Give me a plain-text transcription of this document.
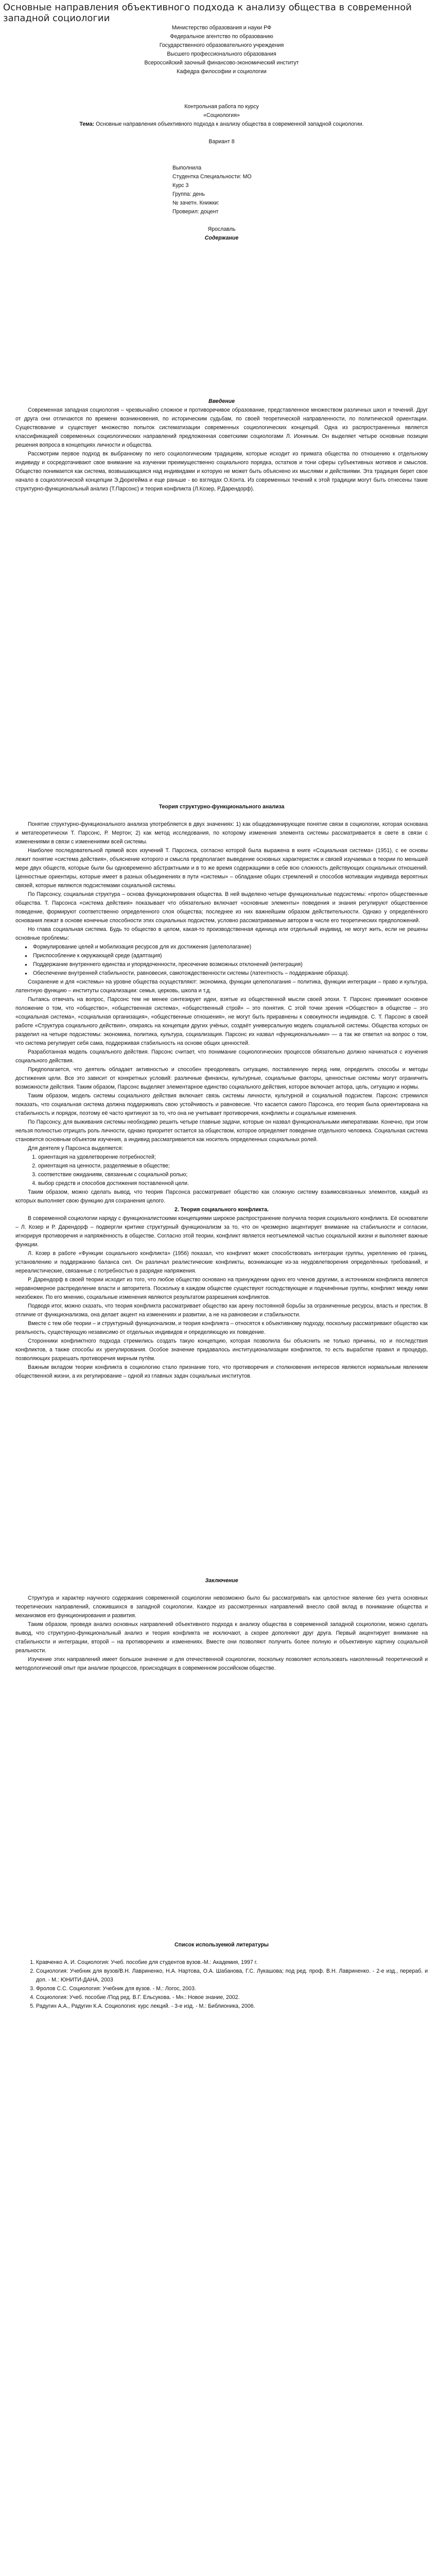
Основные направления объективного подхода к анализу общества в современной западной социологии

Министерство образования и науки РФ

Федеральное агентство по образованию

Государственного образовательного учреждения

Высшего профессионального образования

Всероссийский заочный финансово-экономический институт

Кафедра философии и социологии

Контрольная работа по курсу

«Социология»

Тема: Основные направления объективного подхода к анализу общества в современной западной социологии.

Вариант 8

Выполнила

Студентка Специальности: МО

Курс 3

Группа: день

№ зачетн. Книжки:

Проверил: доцент

Ярославль

Содержание

Введение

Современная западная социология – чрезвычайно сложное и противоречивое образование, представленное множеством различных школ и течений. Друг от друга они отличаются по времени возникновения, по историческим судьбам, по своей теоретической направленности, по политической ориентации. Существование и существует множество попыток систематизации современных социологических концепций. Одна из распространенных является классификацией современных социологических направлений предложенная советскими социологами Л. Иониным. Он выделяет четыре основные позиции решения вопроса в концепциях личности и общества.

Рассмотрим первое подход вк выбранному по него социологическим традициям, которые исходит из примата общества по отношению к отдельному индивиду и сосредотачивают свое внимание на изучении преимущественно социального порядка, остатков и тони сферы субъективных мотивов и смыслов. Общество понимается как система, возвышающаяся над индивидами и которую не может быть объяснено их мыслями и действиями. Эта традиция берет свое начало в социологической концепции Э.Дюркгейма и еще раньше - во взглядах О.Конта. Из современных течений к этой традиции могут быть отнесены такие структурно-функциональный анализ (Т.Парсонс) и теория конфликта (Л.Козер, Р.Дарендорф).

Теория структурно-функционального анализа

Понятие структурно-функционального анализа употребляется в двух значениях: 1) как общедоминирующее понятие связи в социологии, которая основана и метатеоретически Т. Парсонс, Р. Мертон; 2) как метод исследования, по которому изменения элемента системы рассматривается в свете в связи с изменениями в связи с изменениями всей системы.

Наиболее последовательной прямой всех изучений Т. Парсонса, согласно которой была выражена в книге «Социальная система» (1951), с ее основы лежит понятие «система действия», объяснение которого и смысла предполагает выведение основных характеристик и связей изучаемых в теории по меньшей мере двух обществ, которые были бы одновременно абстрактными и в то же время содержащими в себе всю сложность действующих социальных отношений. Ценностные ориентиры, которые имеет в разных объединениях в пути «системы» – обладание общих стремлений и способов мотивации индивида вероятных связей, которые являются подсистемами социальной системы.

По Парсонсу, социальная структура – основа функционирования общества. В ней выделено четыре функциональные подсистемы: «прото» общественные общества. Т. Парсонса «система действия» показывает что обязательно включает «основные элементы» поведения и знания регулируют общественное поведение, формируют соответственно определенного слоя общества; последнее из них важнейшим образом действительности. Однако у определённого основания лежат в основе конечные способности этих социальных подсистем, условно рассматриваемые автором в числе его теоретических предположений.

Но глава социальная система. Будь то общество в целом, какая-то производственная единица или отдельный индивид, не могут жить, если не решены основные проблемы:

● Формулирование целей и мобилизация ресурсов для их достижения (целеполагание)
● Приспособление к окружающей среде (адаптация)
● Поддержание внутреннего единства и упорядоченности, пресечение возможных отклонений (интеграция)
● Обеспечение внутренней стабильности, равновесия, самотождественности системы (латентность – поддержание образца).

Сохранение и для «системы» на уровне общества осуществляют: экономика, функции целеполагания – политика, функции интеграции – право и культура, латентную функцию – институты социализации: семья, церковь, школа и т.д.

Пытаясь отвечать на вопрос, Парсонс тем не менее синтезирует идеи, взятые из общественной мысли своей эпохи. Т. Парсонс принимает основное положение о том, что «общество», «общественная система», «общественный строй» – это понятия. С этой точки зрения «Общество» в обществе – это «социальная система», «социальная организация», «общественные отношения», не могут быть приравнены к совокупности индивидов. С. Т. Парсонс в своей работе «Структура социального действия», опираясь на концепции других учёных, создаёт универсальную модель социальной системы. Общества которых он разделил на четыре подсистемы: экономика, политика, культура, социализация. Парсонс их назвал «функциональными» — а так же ответил на вопрос о том, что система регулирует себя сама, поддерживая стабильность на основе общих ценностей.

Разработанная модель социального действия. Парсонс считает, что понимание социологических процессов обязательно должно начинаться с изучения социального действия.

Предполагается, что деятель обладает активностью и способен преодолевать ситуацию, поставленную перед ним, определить способы и методы достижения цели. Все это зависит от конкретных условий: различные финансы, культурные, социальные факторы, ценностные системы могут ограничить возможности действия. Таким образом, Парсонс выделяет элементарное единство социального действия, которое включает актора, цель, ситуацию и нормы.

Таким образом, модель системы социального действия включает связь системы личности, культурной и социальной подсистем. Парсонс стремился показать, что социальная система должна поддерживать свою устойчивость и равновесие. Что касается самого Парсонса, его теория была ориентирована на стабильность и порядок, поэтому её часто критикуют за то, что она не учитывает противоречия, конфликты и социальные изменения.

По Парсонсу, для выживания системы необходимо решить четыре главные задачи, которые он назвал функциональными императивами. Конечно, при этом нельзя полностью отрицать роль личности, однако приоритет остается за обществом, которое определяет поведение отдельного человека. Социальная система становится основным объектом изучения, а индивид рассматривается как носитель определенных социальных ролей.

Для деятеля у Парсонса выделяется:

1. ориентация на удовлетворение потребностей;
2. ориентация на ценности, разделяемые в обществе;
3. соответствие ожиданиям, связанным с социальной ролью;
4. выбор средств и способов достижения поставленной цели.

Таким образом, можно сделать вывод, что теория Парсонса рассматривает общество как сложную систему взаимосвязанных элементов, каждый из которых выполняет свою функцию для сохранения целого.

2. Теория социального конфликта.

В современной социологии наряду с функционалистскими концепциями широкое распространение получила теория социального конфликта. Её основатели – Л. Козер и Р. Дарендорф – подвергли критике структурный функционализм за то, что он чрезмерно акцентирует внимание на стабильности и согласии, игнорируя противоречия и напряжённость в обществе. Согласно этой теории, конфликт является неотъемлемой частью социальной жизни и выполняет важные функции.

Л. Козер в работе «Функции социального конфликта» (1956) показал, что конфликт может способствовать интеграции группы, укреплению её границ, установлению и поддержанию баланса сил. Он различал реалистические конфликты, возникающие из-за неудовлетворения определённых требований, и нереалистические, связанные с потребностью в разрядке напряжения.

Р. Дарендорф в своей теории исходит из того, что любое общество основано на принуждении одних его членов другими, а источником конфликта является неравномерное распределение власти и авторитета. Поскольку в каждом обществе существуют господствующие и подчинённые группы, конфликт между ними неизбежен. По его мнению, социальные изменения являются результатом разрешения конфликтов.

Подводя итог, можно сказать, что теория конфликта рассматривает общество как арену постоянной борьбы за ограниченные ресурсы, власть и престиж. В отличие от функционализма, она делает акцент на изменениях и развитии, а не на равновесии и стабильности.

Вместе с тем обе теории – и структурный функционализм, и теория конфликта – относятся к объективному подходу, поскольку рассматривают общество как реальность, существующую независимо от отдельных индивидов и определяющую их поведение.

Сторонники конфликтного подхода стремились создать такую концепцию, которая позволила бы объяснить не только причины, но и последствия конфликтов, а также способы их урегулирования. Особое значение придавалось институционализации конфликтов, то есть выработке правил и процедур, позволяющих разрешать противоречия мирным путём.

Важным вкладом теории конфликта в социологию стало признание того, что противоречия и столкновения интересов являются нормальным явлением общественной жизни, а их регулирование – одной из главных задач социальных институтов.

Заключение

Структура и характер научного содержания современной социологии невозможно было бы рассматривать как целостное явление без учета основных теоретических направлений, сложившихся в западной социологии. Каждое из рассмотренных направлений внесло свой вклад в понимание общества и механизмов его функционирования и развития.

Таким образом, проведя анализ основных направлений объективного подхода к анализу общества в современной западной социологии, можно сделать вывод, что структурно-функциональный анализ и теория конфликта не исключают, а скорее дополняют друг друга. Первый акцентирует внимание на стабильности и интеграции, второй – на противоречиях и изменениях. Вместе они позволяют получить более полную и объективную картину социальной реальности.

Изучение этих направлений имеет большое значение и для отечественной социологии, поскольку позволяет использовать накопленный теоретический и методологический опыт при анализе процессов, происходящих в современном российском обществе.

Список используемой литературы

1. Кравченко А. И. Социология: Учеб. пособие для студентов вузов.-М.: Академия, 1997 г.
2. Социология: Учебник для вузов/В.Н. Лавриненко, Н.А. Нартова, О.А. Шабанова, Г.С. Лукашова; под ред. проф. В.Н. Лавриненко. - 2-е изд., перераб. и доп. - М.: ЮНИТИ-ДАНА, 2003
3. Фролов С.С. Социология: Учебник для вузов. - М.: Логос, 2003.
4. Социология: Учеб. пособие /Под ред. В.Г. Ельсукова. - Мн.: Новое знание, 2002.
5. Радугин А.А., Радугин К.А. Социология: курс лекций. - 3-е изд. - М.: Библионика, 2006.
